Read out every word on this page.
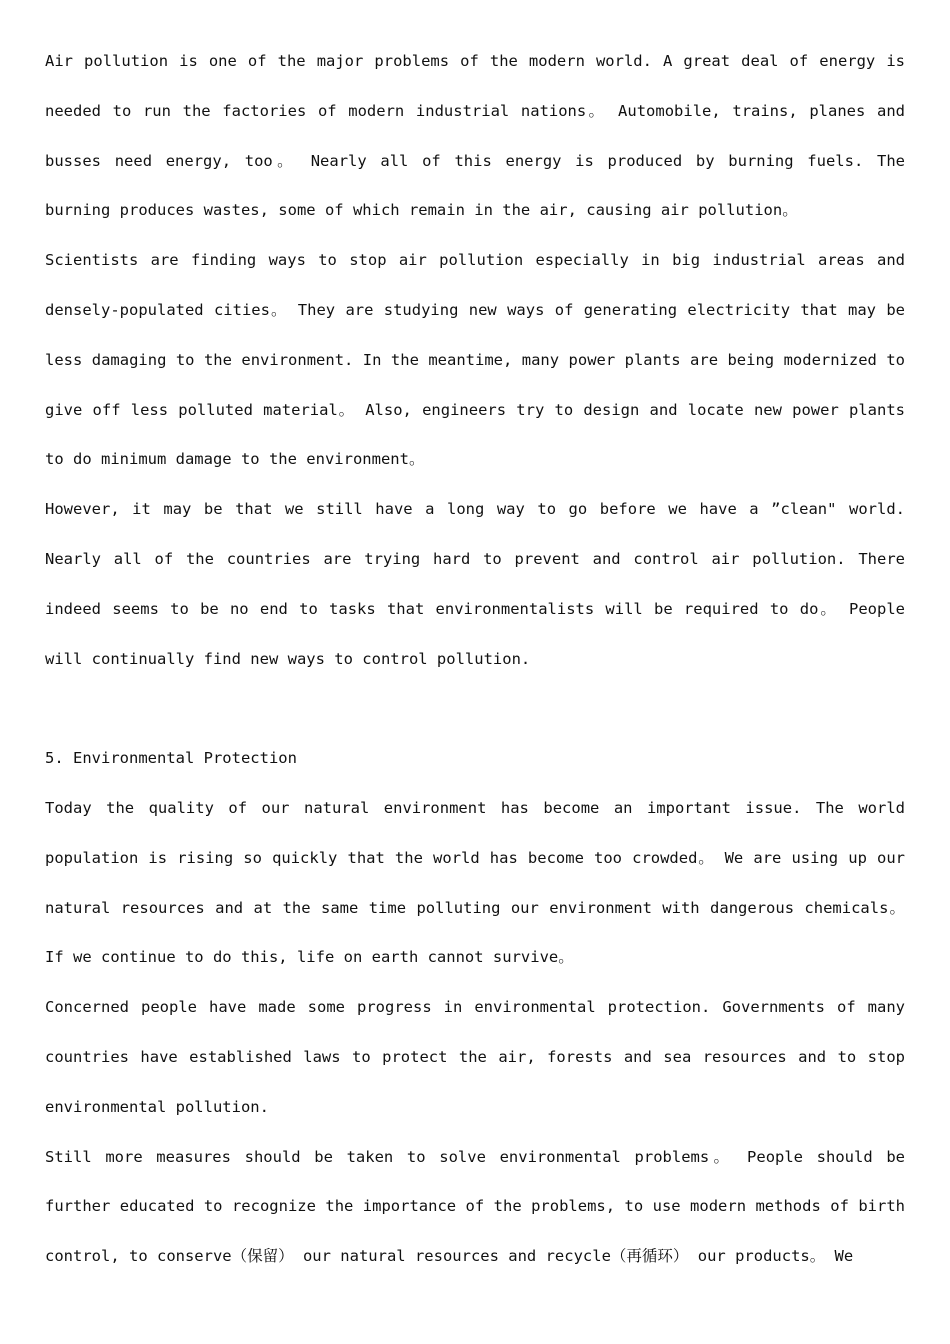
Air pollution is one of the major problems of the modern world. A great deal of energy is needed to run the factories of modern industrial nations。 Automobile, trains, planes and busses need energy, too。 Nearly all of this energy is produced by burning fuels. The burning produces wastes, some of which remain in the air, causing air pollution。

Scientists are finding ways to stop air pollution especially in big industrial areas and densely-populated cities。 They are studying new ways of generating electricity that may be less damaging to the environment. In the meantime, many power plants are being modernized to give off less polluted material。 Also, engineers try to design and locate new power plants to do minimum damage to the environment。

However, it may be that we still have a long way to go before we have a ”clean" world. Nearly all of the countries are trying hard to prevent and control air pollution. There indeed seems to be no end to tasks that environmentalists will be required to do。 People will continually find new ways to control pollution.

5. Environmental Protection

Today the quality of our natural environment has become an important issue. The world population is rising so quickly that the world has become too crowded。 We are using up our natural resources and at the same time polluting our environment with dangerous chemicals。 If we continue to do this, life on earth cannot survive。

Concerned people have made some progress in environmental protection. Governments of many countries have established laws to protect the air, forests and sea resources and to stop environmental pollution.

Still more measures should be taken to solve environmental problems。 People should be further educated to recognize the importance of the problems, to use modern methods of birth control, to conserve（保留） our natural resources and recycle（再循环） our products。 We
